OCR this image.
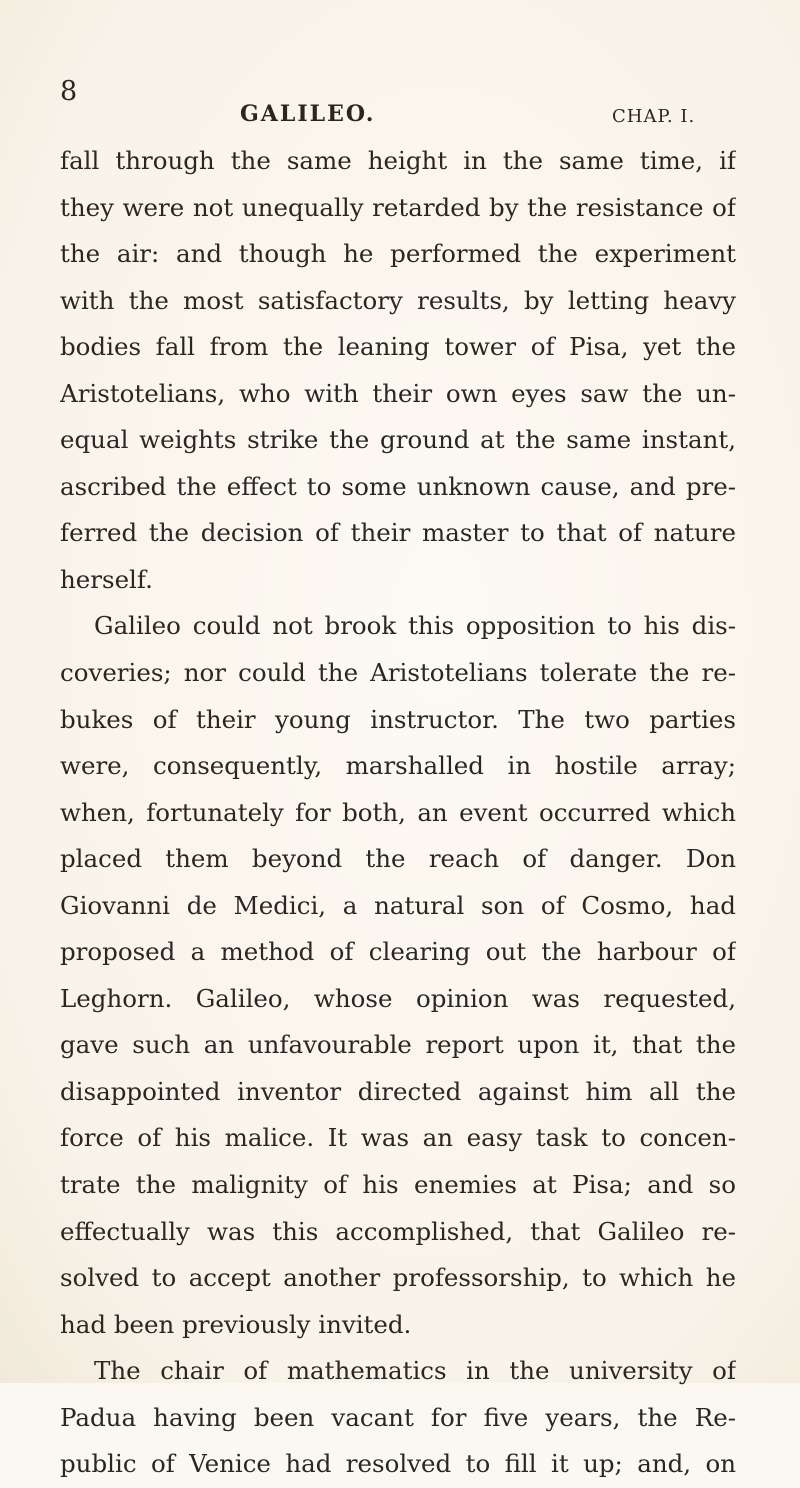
8
GALILEO.	CHAP. I.
fall through the same height in the same time, if
they were not unequally retarded by the resistance of
the air: and though he performed the experiment
with the most satisfactory results, by letting heavy
bodies fall from the leaning tower of Pisa, yet the
Aristotelians, who with their own eyes saw the un-
equal weights strike the ground at the same instant,
ascribed the effect to some unknown cause, and pre-
ferred the decision of their master to that of nature
herself.
Galileo could not brook this opposition to his dis-
coveries; nor could the Aristotelians tolerate the re-
bukes of their young instructor. The two parties
were, consequently, marshalled in hostile array;
when, fortunately for both, an event occurred which
placed them beyond the reach of danger. Don
Giovanni de Medici, a natural son of Cosmo, had
proposed a method of clearing out the harbour of
Leghorn. Galileo, whose opinion was requested,
gave such an unfavourable report upon it, that the
disappointed inventor directed against him all the
force of his malice. It was an easy task to concen-
trate the malignity of his enemies at Pisa; and so
effectually was this accomplished, that Galileo re-
solved to accept another professorship, to which he
had been previously invited.
The chair of mathematics in the university of
Padua having been vacant for five years, the Re-
public of Venice had resolved to fill it up; and, on
